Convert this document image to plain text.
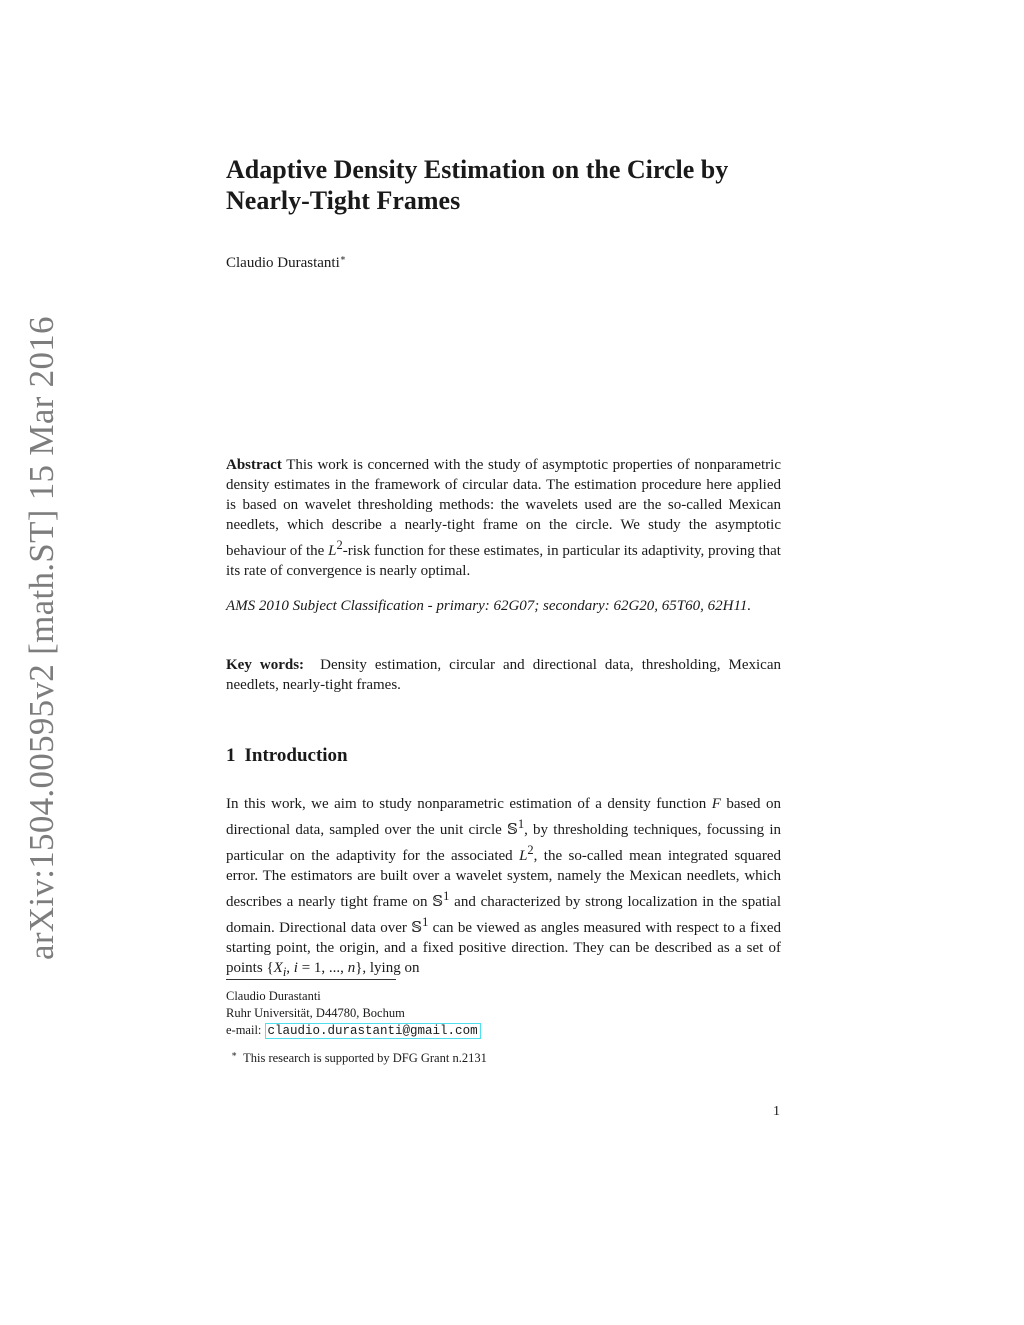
arXiv:1504.00595v2 [math.ST] 15 Mar 2016
Adaptive Density Estimation on the Circle by
Nearly-Tight Frames
Claudio Durastanti∗

Abstract This work is concerned with the study of asymptotic properties of nonparametric density estimates in the framework of circular data. The estimation procedure here applied is based on wavelet thresholding methods: the wavelets used are the so-called Mexican needlets, which describe a nearly-tight frame on the circle. We study the asymptotic behaviour of the $L^2$-risk function for these estimates, in particular its adaptivity, proving that its rate of convergence is nearly optimal.

AMS 2010 Subject Classification - primary: 62G07; secondary: 62G20, 65T60, 62H11.

Key words: Density estimation, circular and directional data, thresholding, Mexican needlets, nearly-tight frames.

1 Introduction

In this work, we aim to study nonparametric estimation of a density function F based on directional data, sampled over the unit circle 𝕊$^1$, by thresholding techniques, focussing in particular on the adaptivity for the associated $L^2$, the so-called mean integrated squared error. The estimators are built over a wavelet system, namely the Mexican needlets, which describes a nearly tight frame on 𝕊$^1$ and characterized by strong localization in the spatial domain. Directional data over 𝕊$^1$ can be viewed as angles measured with respect to a fixed starting point, the origin, and a fixed positive direction. They can be described as a set of points {$X_i$, i = 1, ..., n}, lying on

Claudio Durastanti
Ruhr Universität, D44780, Bochum
e-mail: claudio.durastanti@gmail.com
∗ This research is supported by DFG Grant n.2131
1
